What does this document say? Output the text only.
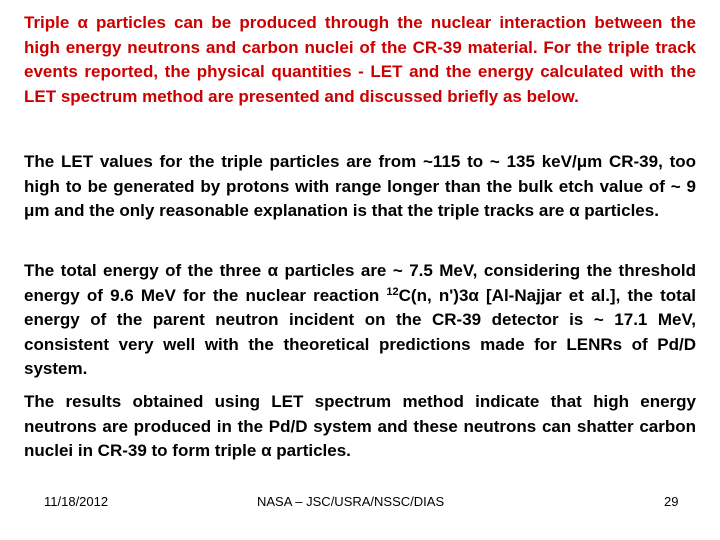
Triple α particles can be produced through the nuclear interaction between the high energy neutrons and carbon nuclei of the CR-39 material. For the triple track events reported, the physical quantities - LET and the energy calculated with the LET spectrum method are presented and discussed briefly as below.

The LET values for the triple particles are from ~115 to ~ 135 keV/μm CR-39, too high to be generated by protons with range longer than the bulk etch value of ~ 9 μm and the only reasonable explanation is that the triple tracks are α particles.

The total energy of the three α particles are ~ 7.5 MeV, considering the threshold energy of 9.6 MeV for the nuclear reaction $^{12}$C(n, n')3α [Al-Najjar et al.], the total energy of the parent neutron incident on the CR-39 detector is ~ 17.1 MeV, consistent very well with the theoretical predictions made for LENRs of Pd/D system.

The results obtained using LET spectrum method indicate that high energy neutrons are produced in the Pd/D system and these neutrons can shatter carbon nuclei in CR-39 to form triple α particles.

11/18/2012	NASA – JSC/USRA/NSSC/DIAS	29
